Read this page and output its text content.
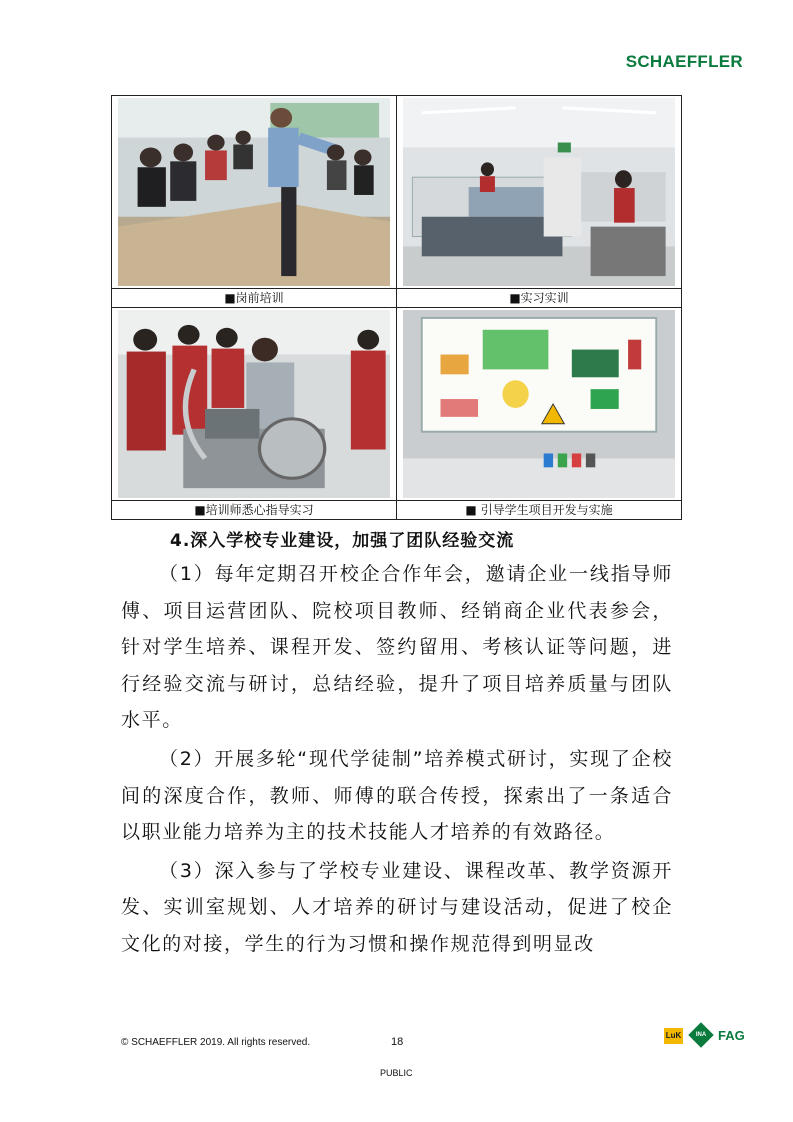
SCHAEFFLER

■岗前培训	■实习实训

■培训师悉心指导实习	■ 引导学生项目开发与实施
4.深入学校专业建设，加强了团队经验交流

（1）每年定期召开校企合作年会，邀请企业一线指导师傅、项目运营团队、院校项目教师、经销商企业代表参会，针对学生培养、课程开发、签约留用、考核认证等问题，进行经验交流与研讨，总结经验，提升了项目培养质量与团队水平。

（2）开展多轮“现代学徒制”培养模式研讨，实现了企校间的深度合作，教师、师傅的联合传授，探索出了一条适合以职业能力培养为主的技术技能人才培养的有效路径。

（3）深入参与了学校专业建设、课程改革、教学资源开发、实训室规划、人才培养的研讨与建设活动，促进了校企文化的对接，学生的行为习惯和操作规范得到明显改

© SCHAEFFLER 2019. All rights reserved.	18
PUBLIC
LuK	INA FAG
